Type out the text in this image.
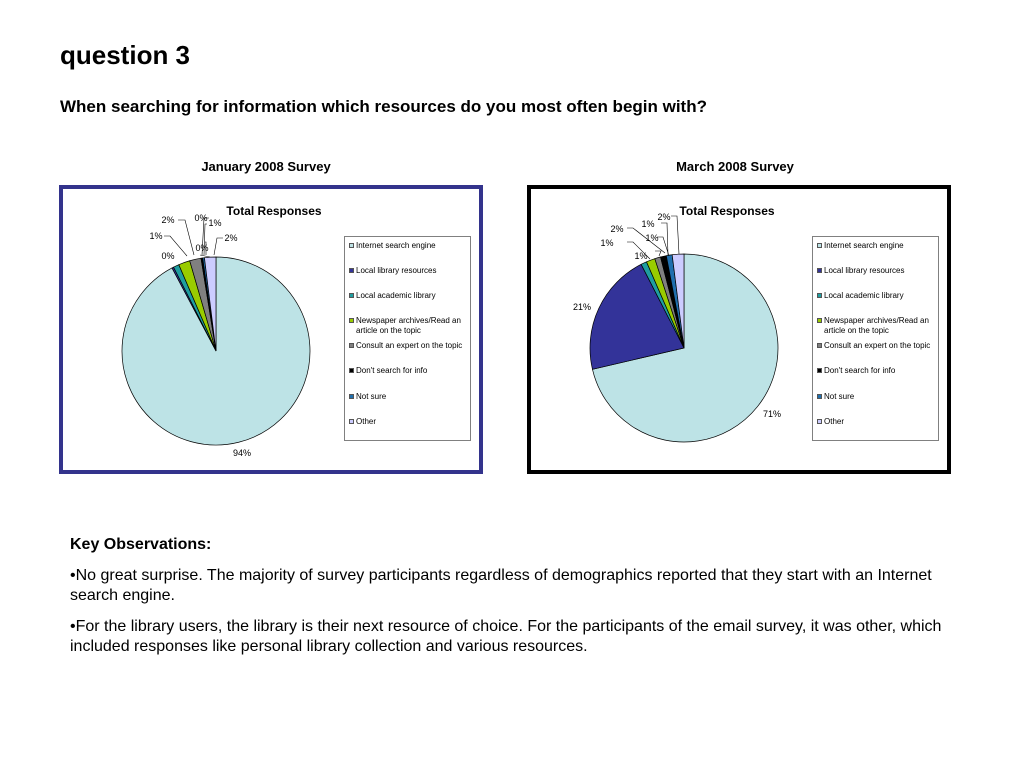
question 3
When searching for information which resources do you most often begin with?
January 2008 Survey	March 2008 Survey
Total Responses
94%
0%
1%
2% 0% 1%
0%
2%
Internet search engine
Local library resources
Local academic library
Newspaper archives/Read an article on the topic
Consult an expert on the topic
Don't search for info
Not sure
Other
Total Responses
71%
21%
2%
1%
1%
1%
1%
2%
Internet search engine
Local library resources
Local academic library
Newspaper archives/Read an article on the topic
Consult an expert on the topic
Don't search for info
Not sure
Other
Key Observations:
•No great surprise. The majority of survey participants regardless of demographics reported that they start with an Internet search engine.
•For the library users, the library is their next resource of choice. For the participants of the email survey, it was other, which included responses like personal library collection and various resources.
